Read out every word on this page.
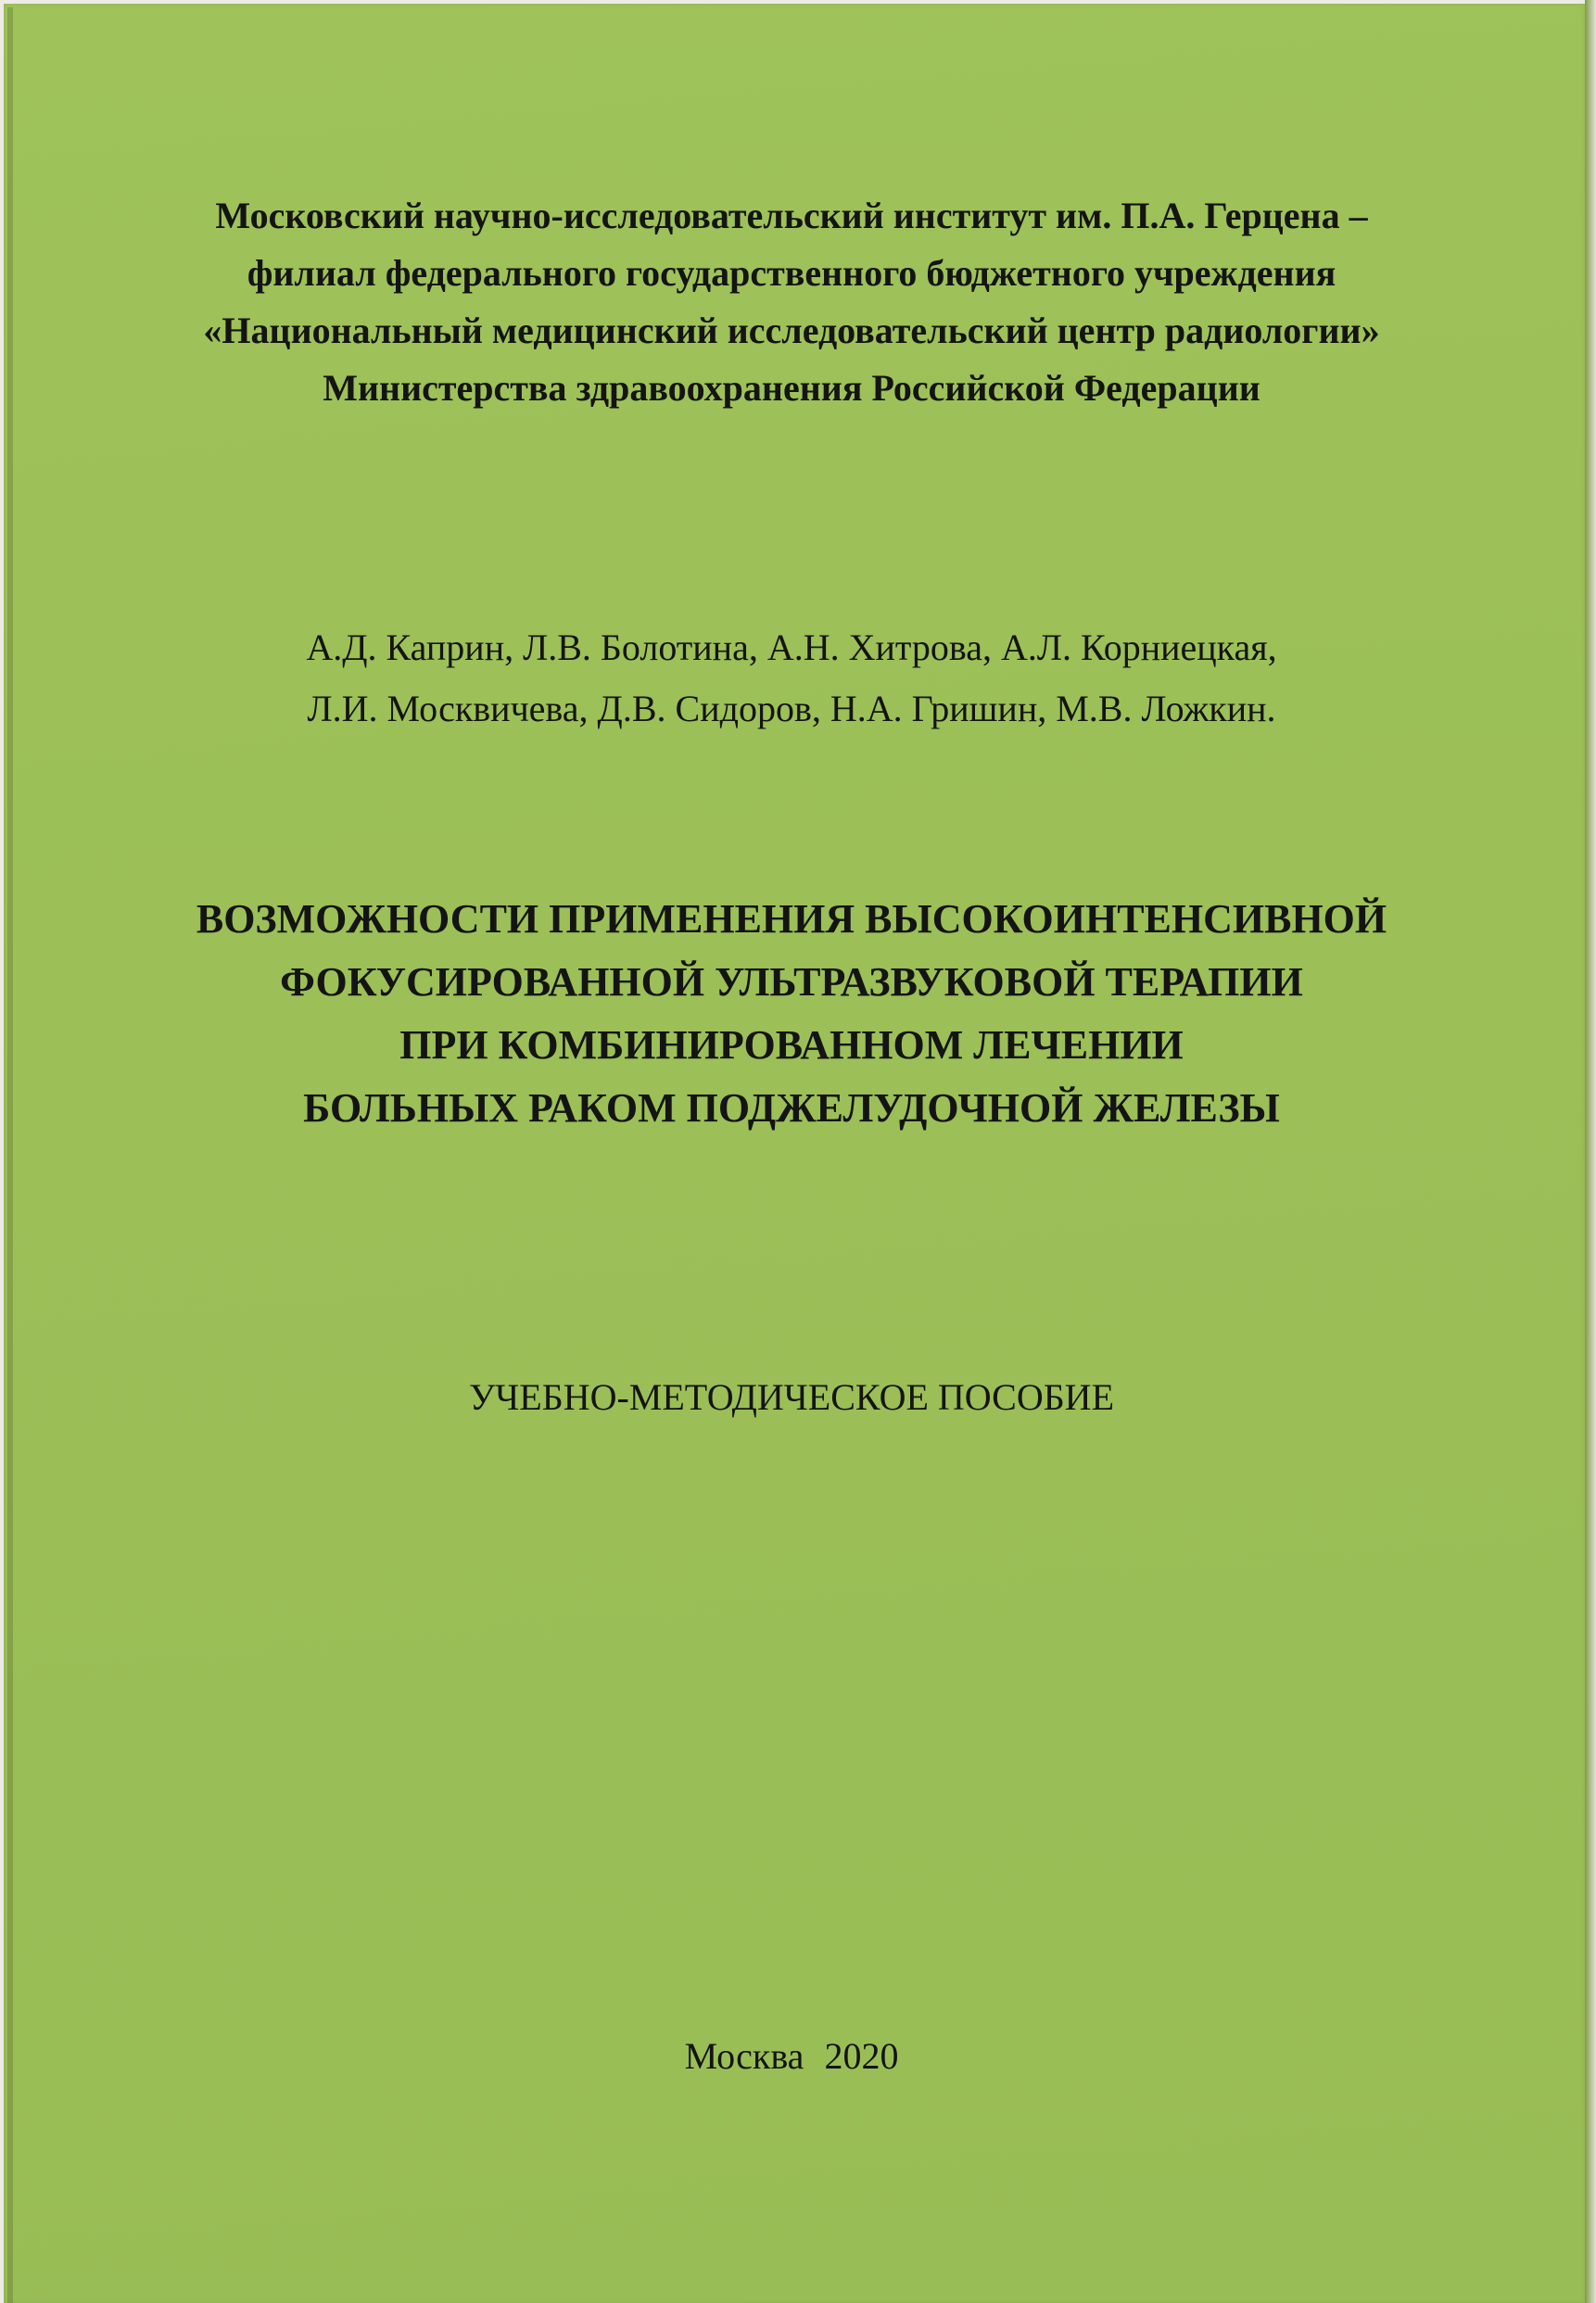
Московский научно-исследовательский институт им. П.А. Герцена –
филиал федерального государственного бюджетного учреждения
«Национальный медицинский исследовательский центр радиологии»
Министерства здравоохранения Российской Федерации
А.Д. Каприн, Л.В. Болотина, А.Н. Хитрова, А.Л. Корниецкая,
Л.И. Москвичева, Д.В. Сидоров, Н.А. Гришин, М.В. Ложкин.
ВОЗМОЖНОСТИ ПРИМЕНЕНИЯ ВЫСОКОИНТЕНСИВНОЙ
ФОКУСИРОВАННОЙ УЛЬТРАЗВУКОВОЙ ТЕРАПИИ
ПРИ КОМБИНИРОВАННОМ ЛЕЧЕНИИ
БОЛЬНЫХ РАКОМ ПОДЖЕЛУДОЧНОЙ ЖЕЛЕЗЫ
УЧЕБНО-МЕТОДИЧЕСКОЕ ПОСОБИЕ
Москва 2020
